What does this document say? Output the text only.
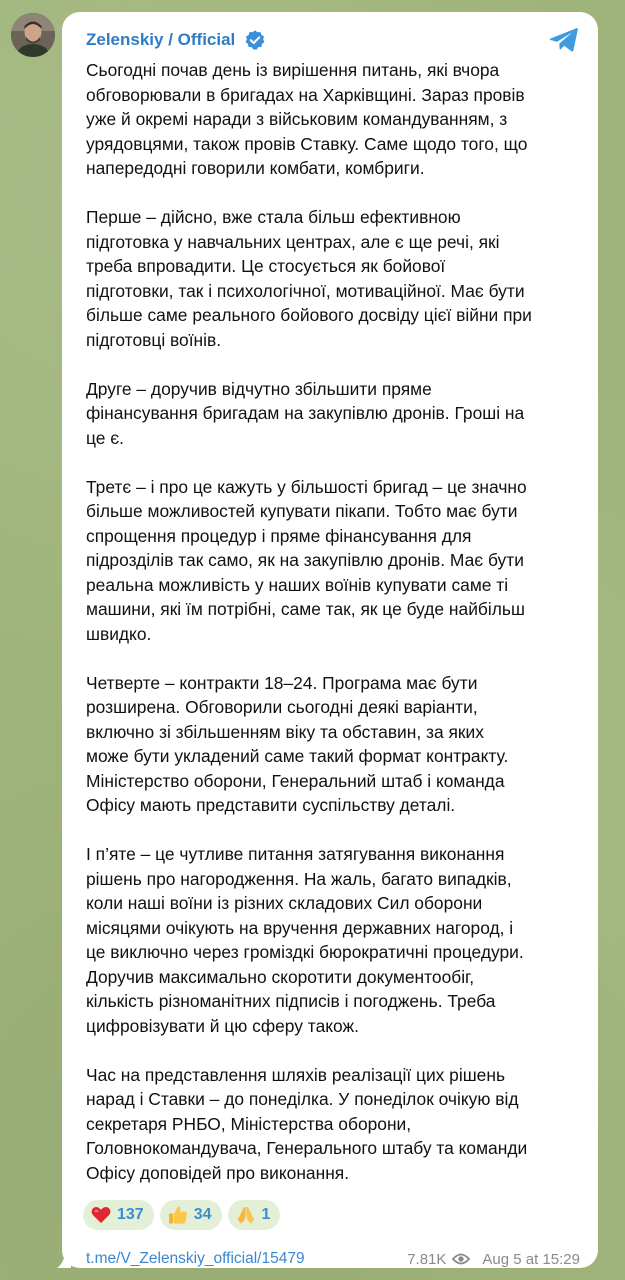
Zelenskiy / Official

Сьогодні почав день із вирішення питань, які вчора
обговорювали в бригадах на Харківщині. Зараз провів
уже й окремі наради з військовим командуванням, з
урядовцями, також провів Ставку. Саме щодо того, що
напередодні говорили комбати, комбриги.

Перше – дійсно, вже стала більш ефективною
підготовка у навчальних центрах, але є ще речі, які
треба впровадити. Це стосується як бойової
підготовки, так і психологічної, мотиваційної. Має бути
більше саме реального бойового досвіду цієї війни при
підготовці воїнів.

Друге – доручив відчутно збільшити пряме
фінансування бригадам на закупівлю дронів. Гроші на
це є.

Третє – і про це кажуть у більшості бригад – це значно
більше можливостей купувати пікапи. Тобто має бути
спрощення процедур і пряме фінансування для
підрозділів так само, як на закупівлю дронів. Має бути
реальна можливість у наших воїнів купувати саме ті
машини, які їм потрібні, саме так, як це буде найбільш
швидко.

Четверте – контракти 18–24. Програма має бути
розширена. Обговорили сьогодні деякі варіанти,
включно зі збільшенням віку та обставин, за яких
може бути укладений саме такий формат контракту.
Міністерство оборони, Генеральний штаб і команда
Офісу мають представити суспільству деталі.

І п’яте – це чутливе питання затягування виконання
рішень про нагородження. На жаль, багато випадків,
коли наші воїни із різних складових Сил оборони
місяцями очікують на вручення державних нагород, і
це виключно через громіздкі бюрократичні процедури.
Доручив максимально скоротити документообіг,
кількість різноманітних підписів і погоджень. Треба
цифровізувати й цю сферу також.

Час на представлення шляхів реалізації цих рішень
нарад і Ставки – до понеділка. У понеділок очікую від
секретаря РНБО, Міністерства оборони,
Головнокомандувача, Генерального штабу та команди
Офісу доповідей про виконання.

137	34	1
t.me/V_Zelenskiy_official/15479	7.81K Aug 5 at 15:29
